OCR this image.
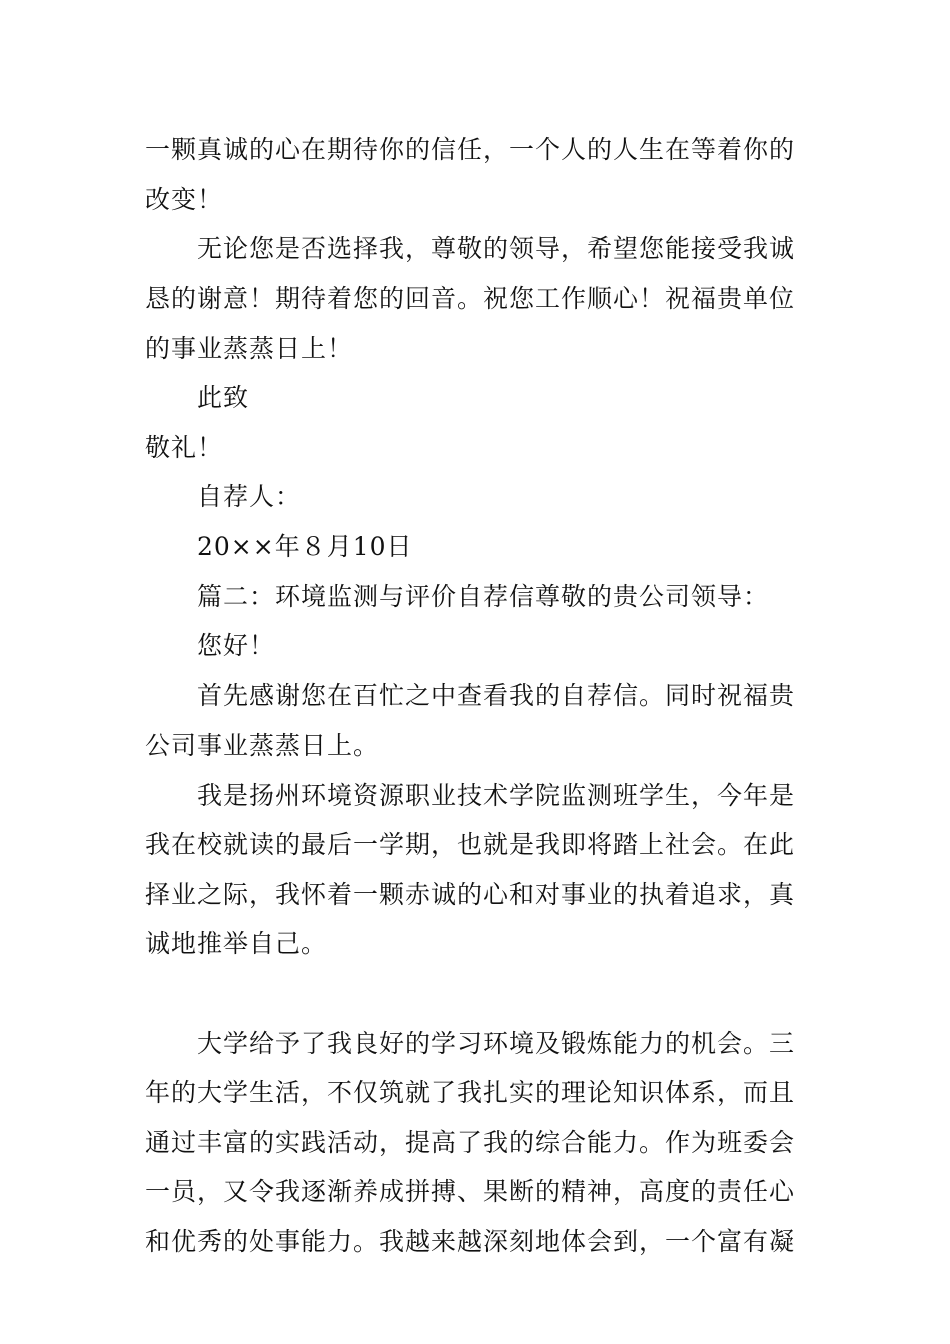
一颗真诚的心在期待你的信任，一个人的人生在等着你的
改变！
无论您是否选择我，尊敬的领导，希望您能接受我诚
恳的谢意！期待着您的回音。祝您工作顺心！祝福贵单位
的事业蒸蒸日上！
此致
敬礼！
自荐人：
20××年８月10日
篇二：环境监测与评价自荐信尊敬的贵公司领导：
您好！
首先感谢您在百忙之中查看我的自荐信。同时祝福贵
公司事业蒸蒸日上。
我是扬州环境资源职业技术学院监测班学生，今年是
我在校就读的最后一学期，也就是我即将踏上社会。在此
择业之际，我怀着一颗赤诚的心和对事业的执着追求，真
诚地推举自己。
大学给予了我良好的学习环境及锻炼能力的机会。三
年的大学生活，不仅筑就了我扎实的理论知识体系，而且
通过丰富的实践活动，提高了我的综合能力。作为班委会
一员，又令我逐渐养成拼搏、果断的精神，高度的责任心
和优秀的处事能力。我越来越深刻地体会到，一个富有凝
